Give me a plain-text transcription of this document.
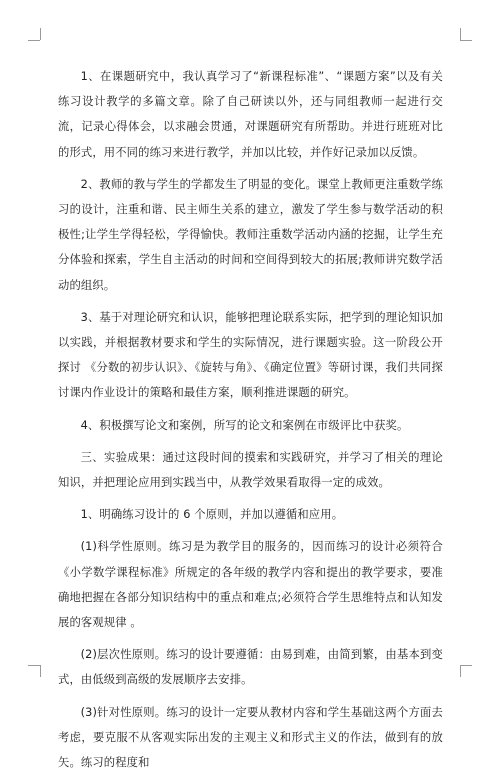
1、在课题研究中，我认真学习了“新课程标准”、“课题方案”以及有关练习设计教学的多篇文章。除了自己研读以外，还与同组教师一起进行交流，记录心得体会，以求融会贯通，对课题研究有所帮助。并进行班班对比的形式，用不同的练习来进行教学，并加以比较，并作好记录加以反馈。

2、教师的教与学生的学都发生了明显的变化。课堂上教师更注重数学练习的设计，注重和谐、民主师生关系的建立，激发了学生参与数学活动的积极性;让学生学得轻松，学得愉快。教师注重数学活动内涵的挖掘，让学生充分体验和探索，学生自主活动的时间和空间得到较大的拓展;教师讲究数学活动的组织。

3、基于对理论研究和认识，能够把理论联系实际，把学到的理论知识加以实践，并根据教材要求和学生的实际情况，进行课题实验。这一阶段公开探讨 《分数的初步认识》、《旋转与角》、《确定位置》等研讨课，我们共同探讨课内作业设计的策略和最佳方案，顺利推进课题的研究。

4、积极撰写论文和案例，所写的论文和案例在市级评比中获奖。

三、实验成果：通过这段时间的摸索和实践研究，并学习了相关的理论知识，并把理论应用到实践当中，从教学效果看取得一定的成效。

1、明确练习设计的 6 个原则，并加以遵循和应用。

(1)科学性原则。练习是为教学目的服务的，因而练习的设计必须符合《小学数学课程标准》所规定的各年级的教学内容和提出的教学要求，要准确地把握在各部分知识结构中的重点和难点;必须符合学生思维特点和认知发展的客观规律 。

(2)层次性原则。练习的设计要遵循：由易到难，由简到繁，由基本到变式，由低级到高级的发展顺序去安排。

(3)针对性原则。练习的设计一定要从教材内容和学生基础这两个方面去考虑，要克服不从客观实际出发的主观主义和形式主义的作法，做到有的放矢。练习的程度和
